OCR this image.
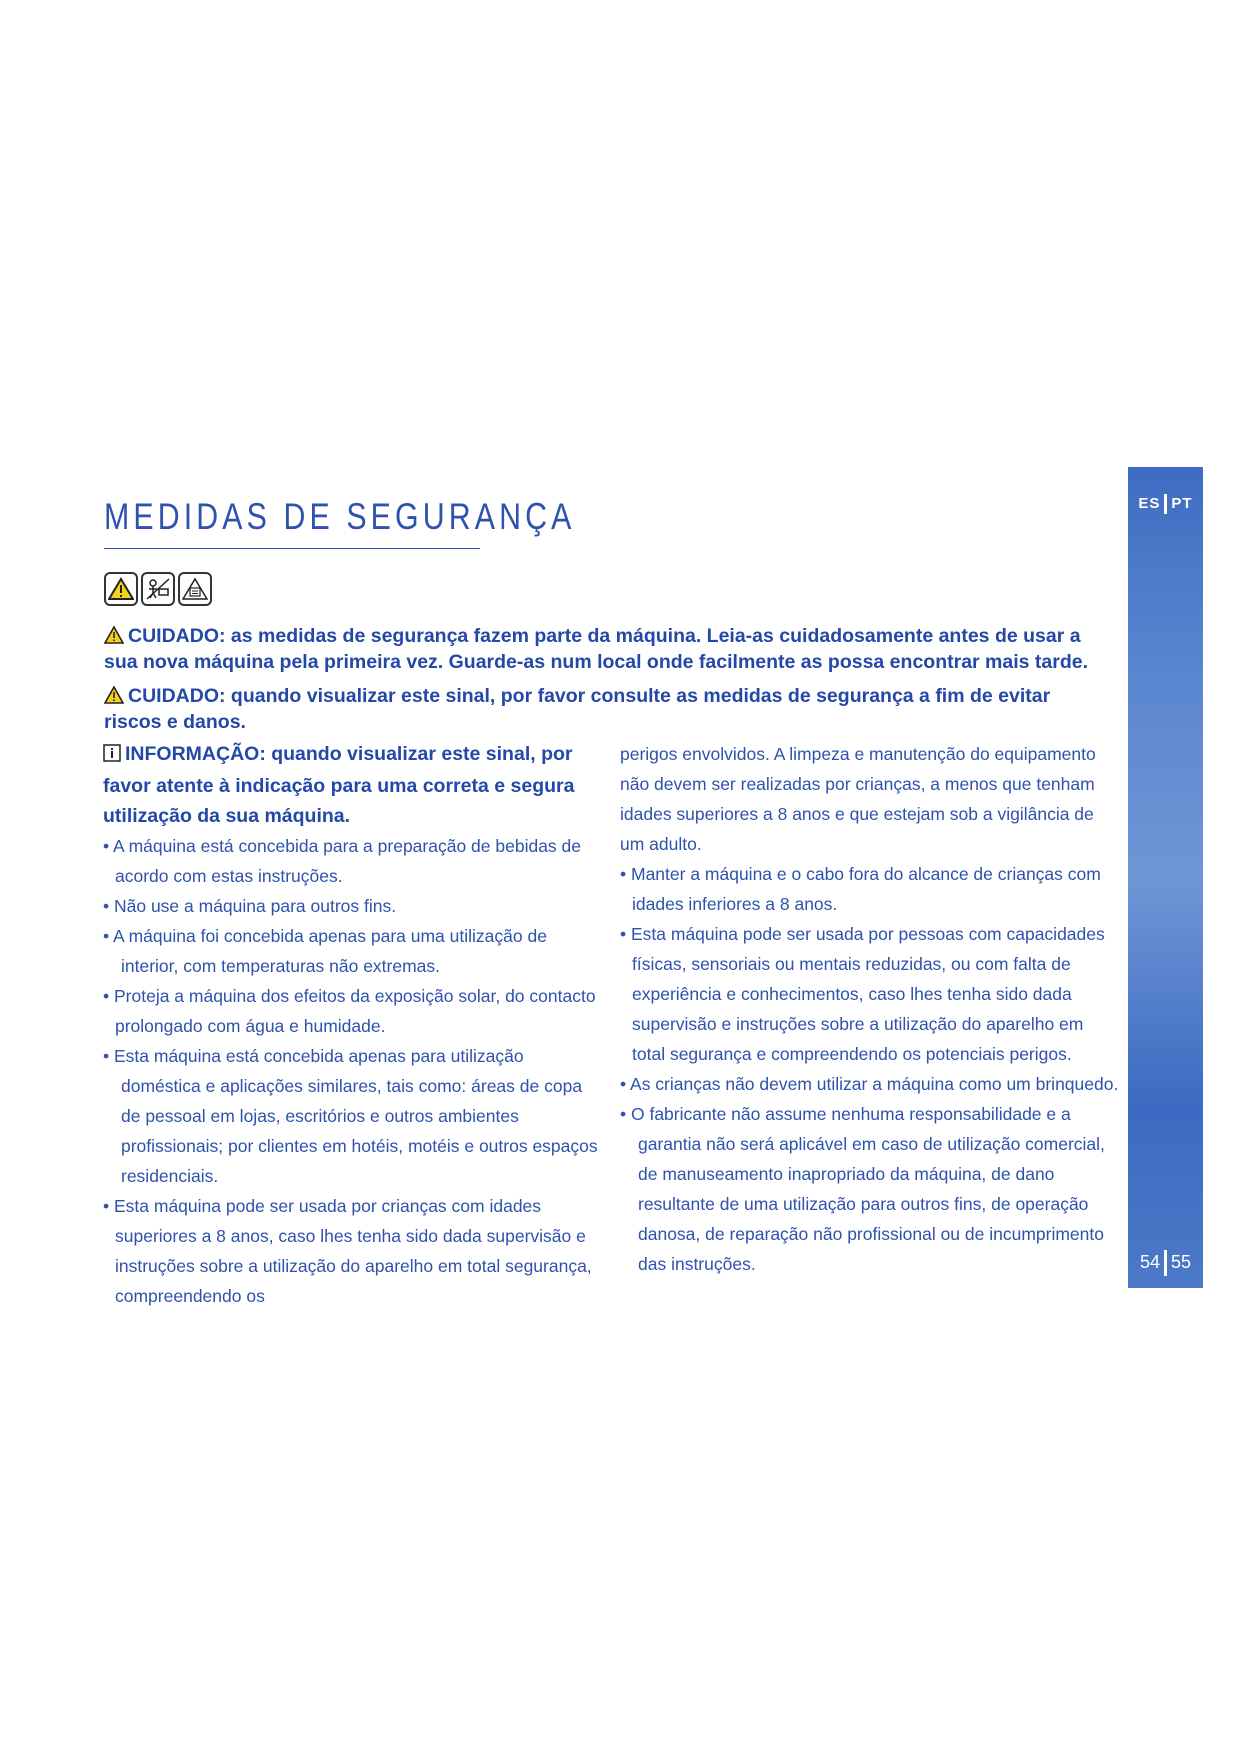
ES PT
54 55
MEDIDAS DE SEGURANÇA

CUIDADO: as medidas de segurança fazem parte da máquina. Leia-as cuidadosamente antes de usar a sua nova máquina pela primeira vez. Guarde-as num local onde facilmente as possa encontrar mais tarde.

CUIDADO: quando visualizar este sinal, por favor consulte as medidas de segurança a fim de evitar riscos e danos.

INFORMAÇÃO: quando visualizar este sinal, por favor atente à indicação para uma correta e segura utilização da sua máquina.

• A máquina está concebida para a preparação de bebidas de acordo com estas instruções.

• Não use a máquina para outros fins.

• A máquina foi concebida apenas para uma utilização de interior, com temperaturas não extremas.

• Proteja a máquina dos efeitos da exposição solar, do contacto prolongado com água e humidade.

• Esta máquina está concebida apenas para utilização doméstica e aplicações similares, tais como: áreas de copa de pessoal em lojas, escritórios e outros ambientes profissionais; por clientes em hotéis, motéis e outros espaços residenciais.

• Esta máquina pode ser usada por crianças com idades superiores a 8 anos, caso lhes tenha sido dada supervisão e instruções sobre a utilização do aparelho em total segurança, compreendendo os

perigos envolvidos. A limpeza e manutenção do equipamento não devem ser realizadas por crianças, a menos que tenham idades superiores a 8 anos e que estejam sob a vigilância de um adulto.

• Manter a máquina e o cabo fora do alcance de crianças com idades inferiores a 8 anos.

• Esta máquina pode ser usada por pessoas com capacidades físicas, sensoriais ou mentais reduzidas, ou com falta de experiência e conhecimentos, caso lhes tenha sido dada supervisão e instruções sobre a utilização do aparelho em total segurança e compreendendo os potenciais perigos.

• As crianças não devem utilizar a máquina como um brinquedo.

• O fabricante não assume nenhuma responsabilidade e a garantia não será aplicável em caso de utilização comercial, de manuseamento inapropriado da máquina, de dano resultante de uma utilização para outros fins, de operação danosa, de reparação não profissional ou de incumprimento das instruções.
